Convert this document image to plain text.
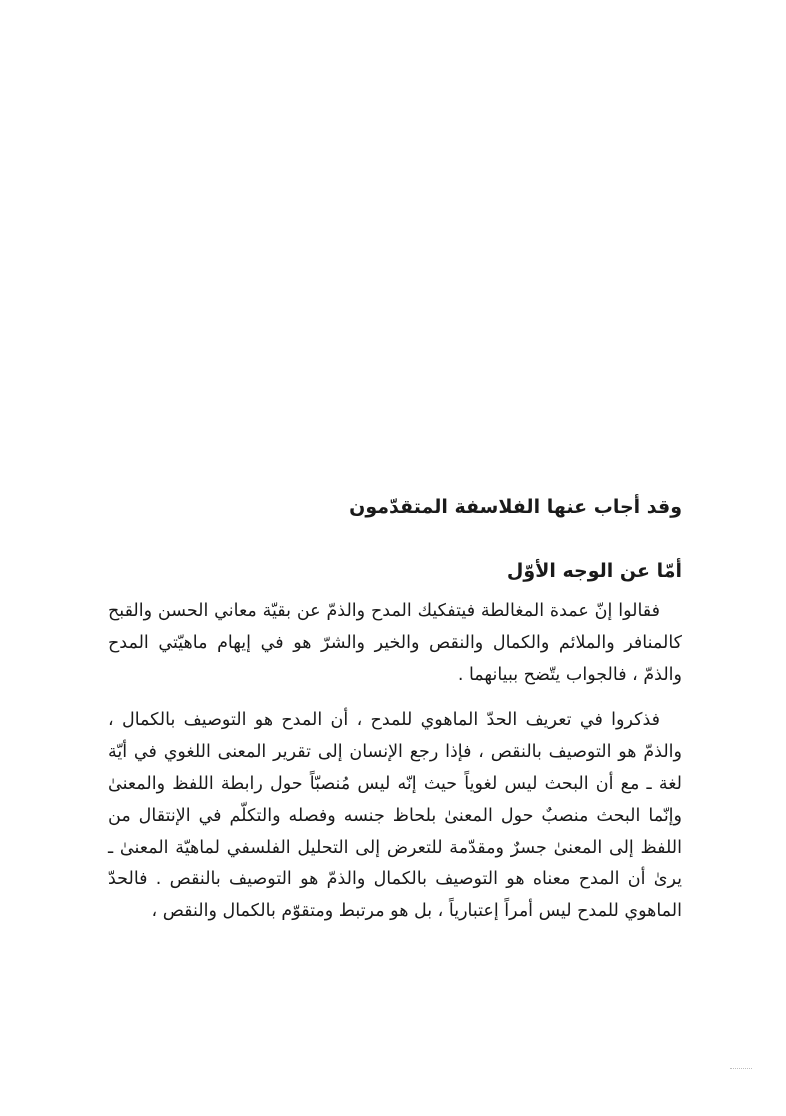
وقد أجاب عنها الفلاسفة المتقدّمون
أمّا عن الوجه الأوّل

فقالوا إنّ عمدة المغالطة فيتفكيك المدح والذمّ عن بقيّة معاني الحسن والقبح كالمنافر والملائم والكمال والنقص والخير والشرّ هو في إيهام ماهيّتي المدح والذمّ ، فالجواب يتّضح ببيانهما .

فذكروا في تعريف الحدّ الماهوي للمدح ، أن المدح هو التوصيف بالكمال ، والذمّ هو التوصيف بالنقص ، فإذا رجع الإنسان إلى تقرير المعنى اللغوي في أيّة لغة ـ مع أن البحث ليس لغوياً حيث إنّه ليس مُنصبّاً حول رابطة اللفظ والمعنىٰ وإنّما البحث منصبٌ حول المعنىٰ بلحاظ جنسه وفصله والتكلّم في الإنتقال من اللفظ إلى المعنىٰ جسرٌ ومقدّمة للتعرض إلى التحليل الفلسفي لماهيّة المعنىٰ ـ يرىٰ أن المدح معناه هو التوصيف بالكمال والذمّ هو التوصيف بالنقص . فالحدّ الماهوي للمدح ليس أمراً إعتبارياً ، بل هو مرتبط ومتقوّم بالكمال والنقص ،
